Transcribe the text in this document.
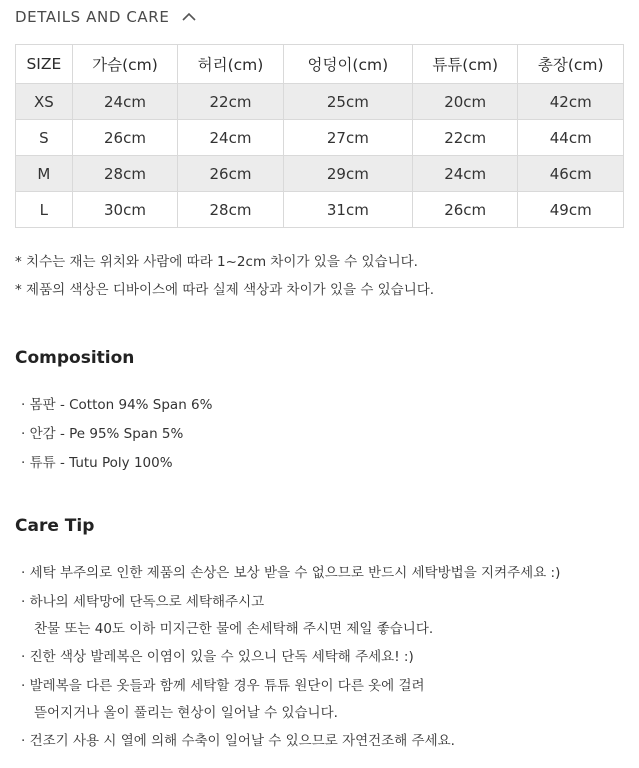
DETAILS AND CARE
SIZE	가슴(cm)	허리(cm)	엉덩이(cm)	튜튜(cm)	총장(cm)
XS	24cm	22cm	25cm	20cm	42cm
S	26cm	24cm	27cm	22cm	44cm
M	28cm	26cm	29cm	24cm	46cm
L	30cm	28cm	31cm	26cm	49cm
* 치수는 재는 위치와 사람에 따라 1~2cm 차이가 있을 수 있습니다.
* 제품의 색상은 디바이스에 따라 실제 색상과 차이가 있을 수 있습니다.
Composition
· 몸판 - Cotton 94% Span 6%
· 안감 - Pe 95% Span 5%
· 튜튜 - Tutu Poly 100%
Care Tip
· 세탁 부주의로 인한 제품의 손상은 보상 받을 수 없으므로 반드시 세탁방법을 지켜주세요 :)
· 하나의 세탁망에 단독으로 세탁해주시고
찬물 또는 40도 이하 미지근한 물에 손세탁해 주시면 제일 좋습니다.
· 진한 색상 발레복은 이염이 있을 수 있으니 단독 세탁해 주세요! :)
· 발레복을 다른 옷들과 함께 세탁할 경우 튜튜 원단이 다른 옷에 걸려
뜯어지거나 올이 풀리는 현상이 일어날 수 있습니다.
· 건조기 사용 시 열에 의해 수축이 일어날 수 있으므로 자연건조해 주세요.
